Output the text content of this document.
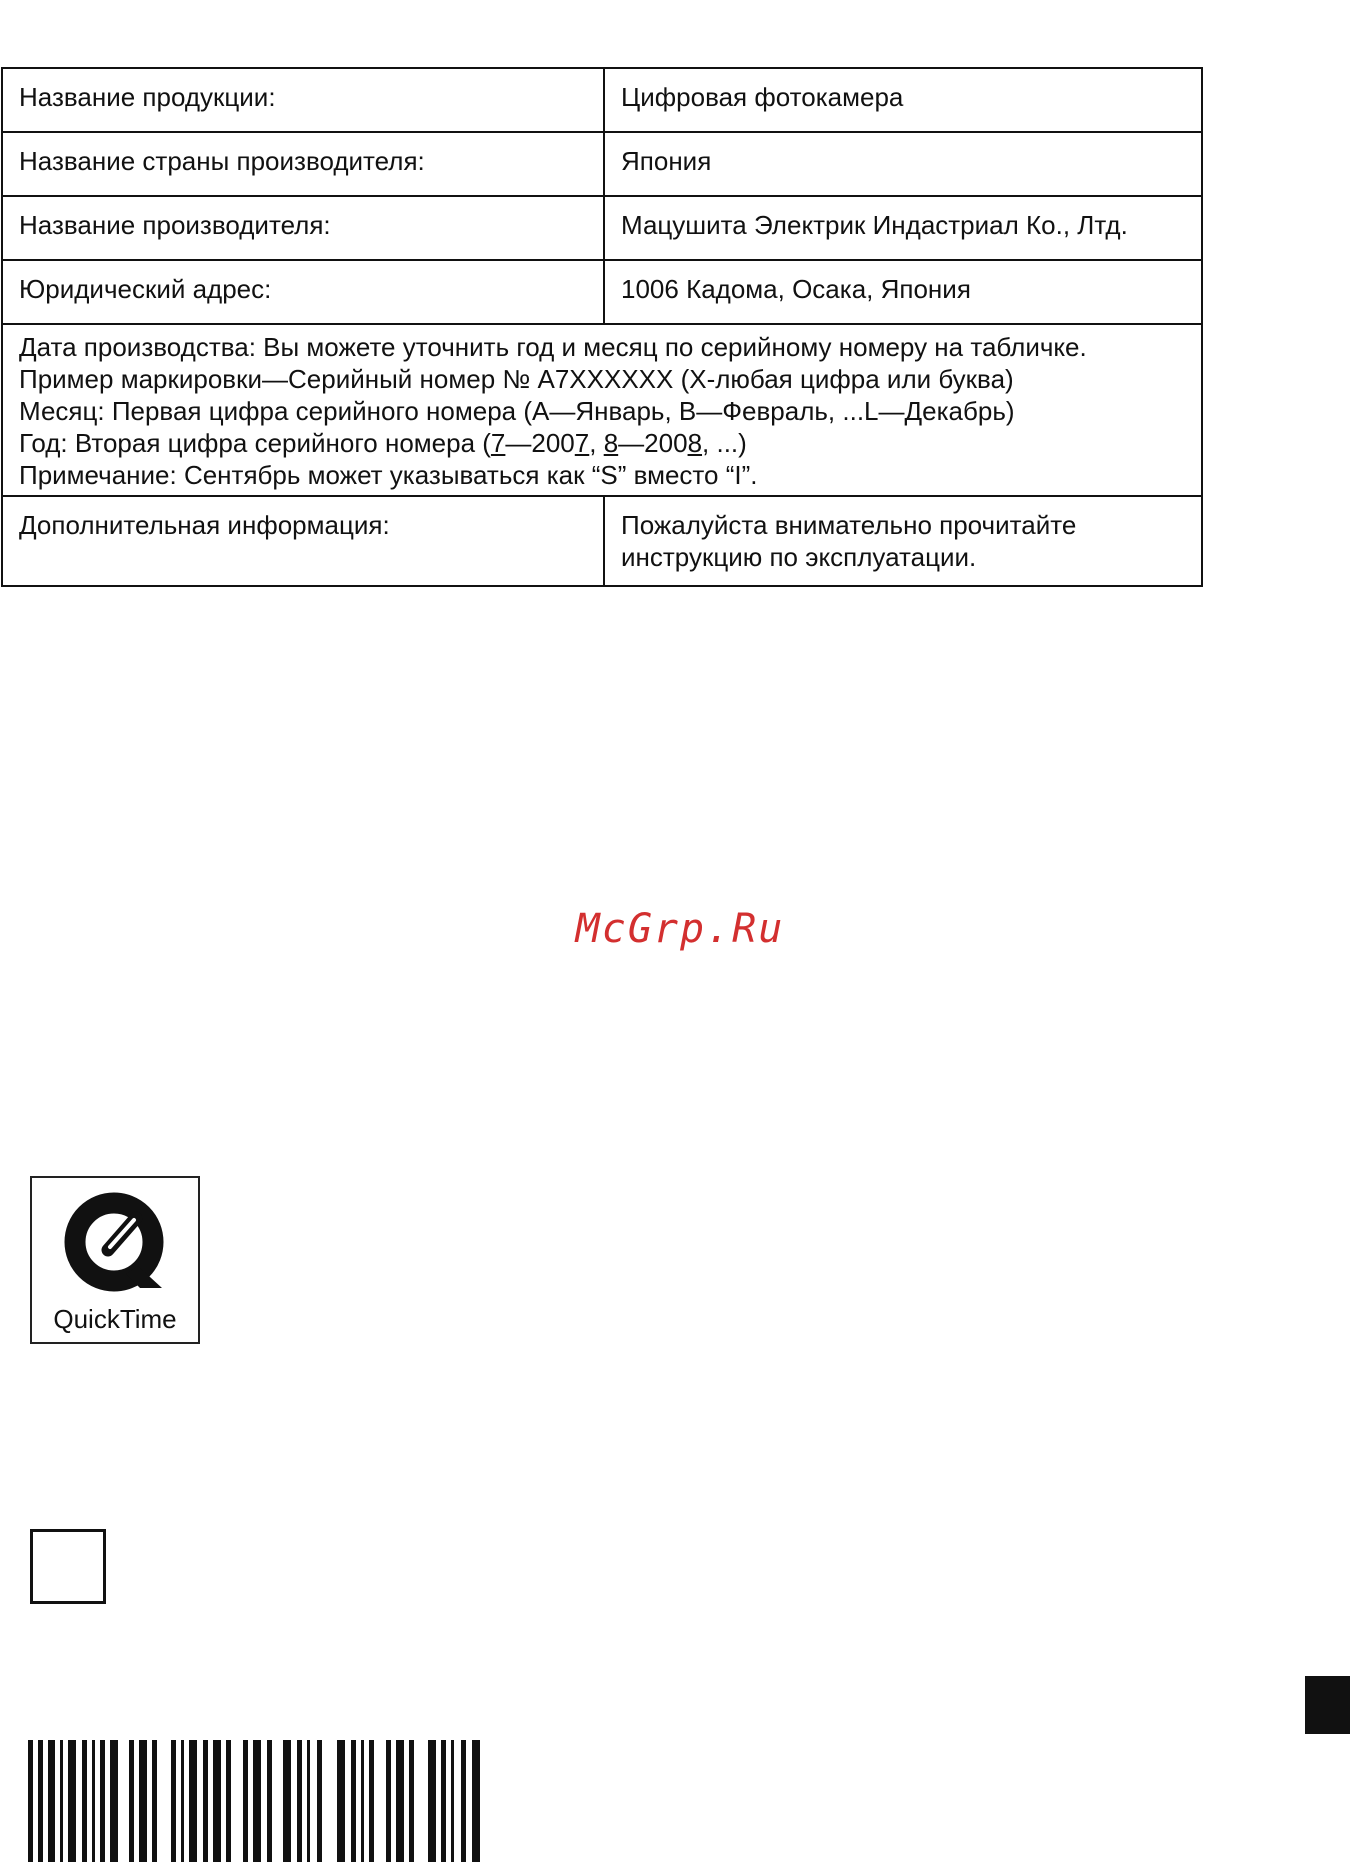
Название продукции:	Цифровая фотокамера
Название страны производителя:	Япония
Название производителя:	Мацушита Электрик Индастриал Ко., Лтд.
Юридический адрес:	1006 Кадома, Осака, Япония

Дата производства: Вы можете уточнить год и месяц по серийному номеру на табличке.
Пример маркировки—Серийный номер № A7XXXXXX (X-любая цифра или буква)
Месяц: Первая цифра серийного номера (A—Январь, B—Февраль, ...L—Декабрь)
Год: Вторая цифра серийного номера (7—2007, 8—2008, ...)
Примечание: Сентябрь может указываться как “S” вместо “I”.	

Дополнительная информация:	Пожалуйста внимательно прочитайте
инструкцию по эксплуатации.
McGrp.Ru
QuickTime
